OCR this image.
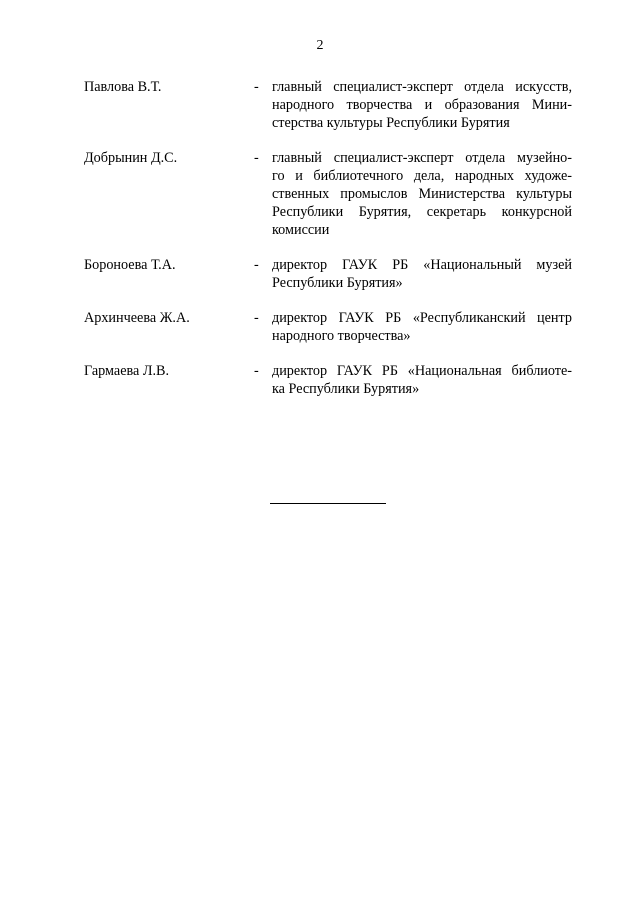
2
Павлова В.Т.	- главный специалист-эксперт отдела искусств,
народного творчества и образования Мини-
стерства культуры Республики Бурятия
Добрынин Д.С.	- главный специалист-эксперт отдела музейно-
го и библиотечного дела, народных художе-
ственных промыслов Министерства культуры
Республики Бурятия, секретарь конкурсной
комиссии
Бороноева Т.А.	- директор ГАУК РБ «Национальный музей
Республики Бурятия»
Архинчеева Ж.А.	- директор ГАУК РБ «Республиканский центр
народного творчества»
Гармаева Л.В.	- директор ГАУК РБ «Национальная библиоте-
ка Республики Бурятия»
